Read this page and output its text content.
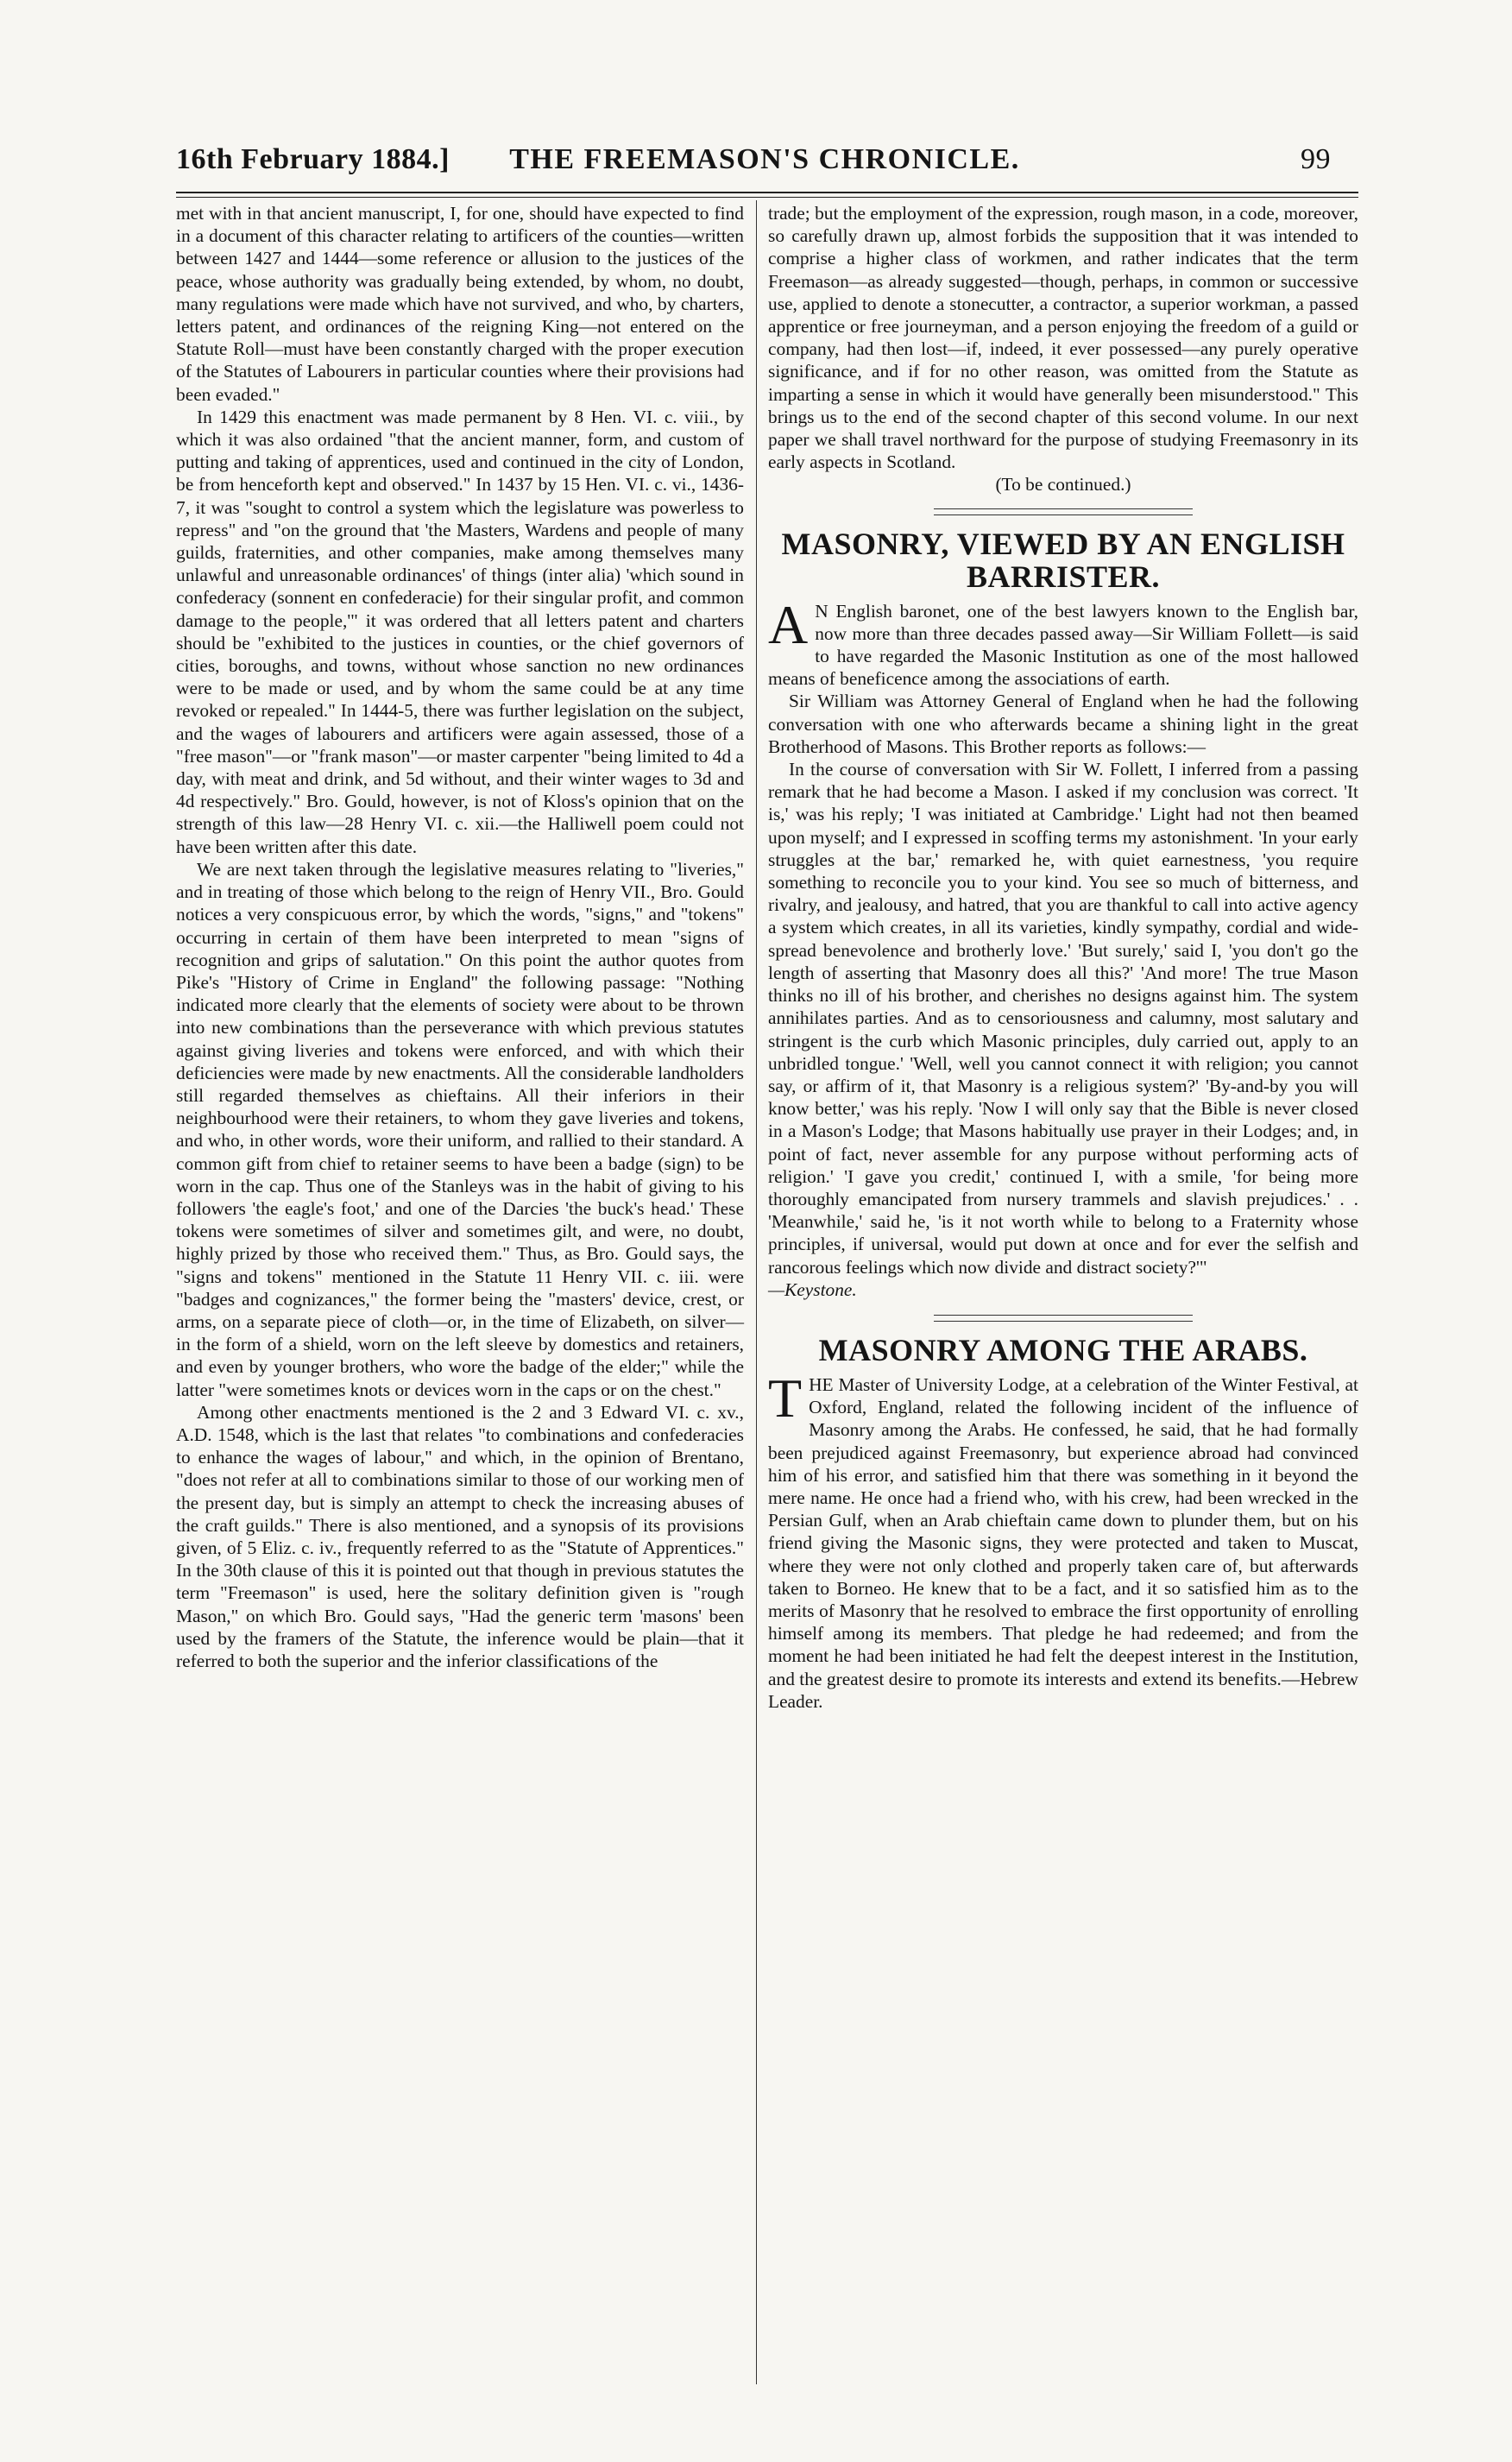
16th February 1884.]	THE FREEMASON'S CHRONICLE.	99

met with in that ancient manuscript, I, for one, should have expected to find in a document of this character relating to artificers of the counties—written between 1427 and 1444—some reference or allusion to the justices of the peace, whose authority was gradually being extended, by whom, no doubt, many regulations were made which have not survived, and who, by charters, letters patent, and ordinances of the reigning King—not entered on the Statute Roll—must have been constantly charged with the proper execution of the Statutes of Labourers in particular counties where their provisions had been evaded."

In 1429 this enactment was made permanent by 8 Hen. VI. c. viii., by which it was also ordained "that the ancient manner, form, and custom of putting and taking of apprentices, used and continued in the city of London, be from henceforth kept and observed." In 1437 by 15 Hen. VI. c. vi., 1436-7, it was "sought to control a system which the legislature was powerless to repress" and "on the ground that 'the Masters, Wardens and people of many guilds, fraternities, and other companies, make among themselves many unlawful and unreasonable ordinances' of things (inter alia) 'which sound in confederacy (sonnent en confederacie) for their singular profit, and common damage to the people,'" it was ordered that all letters patent and charters should be "exhibited to the justices in counties, or the chief governors of cities, boroughs, and towns, without whose sanction no new ordinances were to be made or used, and by whom the same could be at any time revoked or repealed." In 1444-5, there was further legislation on the subject, and the wages of labourers and artificers were again assessed, those of a "free mason"—or "frank mason"—or master carpenter "being limited to 4d a day, with meat and drink, and 5d without, and their winter wages to 3d and 4d respectively." Bro. Gould, however, is not of Kloss's opinion that on the strength of this law—28 Henry VI. c. xii.—the Halliwell poem could not have been written after this date.

We are next taken through the legislative measures relating to "liveries," and in treating of those which belong to the reign of Henry VII., Bro. Gould notices a very conspicuous error, by which the words, "signs," and "tokens" occurring in certain of them have been interpreted to mean "signs of recognition and grips of salutation." On this point the author quotes from Pike's "History of Crime in England" the following passage: "Nothing indicated more clearly that the elements of society were about to be thrown into new combinations than the perseverance with which previous statutes against giving liveries and tokens were enforced, and with which their deficiencies were made by new enactments. All the considerable landholders still regarded themselves as chieftains. All their inferiors in their neighbourhood were their retainers, to whom they gave liveries and tokens, and who, in other words, wore their uniform, and rallied to their standard. A common gift from chief to retainer seems to have been a badge (sign) to be worn in the cap. Thus one of the Stanleys was in the habit of giving to his followers 'the eagle's foot,' and one of the Darcies 'the buck's head.' These tokens were sometimes of silver and sometimes gilt, and were, no doubt, highly prized by those who received them." Thus, as Bro. Gould says, the "signs and tokens" mentioned in the Statute 11 Henry VII. c. iii. were "badges and cognizances," the former being the "masters' device, crest, or arms, on a separate piece of cloth—or, in the time of Elizabeth, on silver—in the form of a shield, worn on the left sleeve by domestics and retainers, and even by younger brothers, who wore the badge of the elder;" while the latter "were sometimes knots or devices worn in the caps or on the chest."

Among other enactments mentioned is the 2 and 3 Edward VI. c. xv., A.D. 1548, which is the last that relates "to combinations and confederacies to enhance the wages of labour," and which, in the opinion of Brentano, "does not refer at all to combinations similar to those of our working men of the present day, but is simply an attempt to check the increasing abuses of the craft guilds." There is also mentioned, and a synopsis of its provisions given, of 5 Eliz. c. iv., frequently referred to as the "Statute of Apprentices." In the 30th clause of this it is pointed out that though in previous statutes the term "Freemason" is used, here the solitary definition given is "rough Mason," on which Bro. Gould says, "Had the generic term 'masons' been used by the framers of the Statute, the inference would be plain—that it referred to both the superior and the inferior classifications of the

trade; but the employment of the expression, rough mason, in a code, moreover, so carefully drawn up, almost forbids the supposition that it was intended to comprise a higher class of workmen, and rather indicates that the term Freemason—as already suggested—though, perhaps, in common or successive use, applied to denote a stonecutter, a contractor, a superior workman, a passed apprentice or free journeyman, and a person enjoying the freedom of a guild or company, had then lost—if, indeed, it ever possessed—any purely operative significance, and if for no other reason, was omitted from the Statute as imparting a sense in which it would have generally been misunderstood." This brings us to the end of the second chapter of this second volume. In our next paper we shall travel northward for the purpose of studying Freemasonry in its early aspects in Scotland.

(To be continued.)

MASONRY, VIEWED BY AN ENGLISH BARRISTER.

A N English baronet, one of the best lawyers known to the English bar, now more than three decades passed away—Sir William Follett—is said to have regarded the Masonic Institution as one of the most hallowed means of beneficence among the associations of earth.

Sir William was Attorney General of England when he had the following conversation with one who afterwards became a shining light in the great Brotherhood of Masons. This Brother reports as follows:—

In the course of conversation with Sir W. Follett, I inferred from a passing remark that he had become a Mason. I asked if my conclusion was correct. 'It is,' was his reply; 'I was initiated at Cambridge.' Light had not then beamed upon myself; and I expressed in scoffing terms my astonishment. 'In your early struggles at the bar,' remarked he, with quiet earnestness, 'you require something to reconcile you to your kind. You see so much of bitterness, and rivalry, and jealousy, and hatred, that you are thankful to call into active agency a system which creates, in all its varieties, kindly sympathy, cordial and wide-spread benevolence and brotherly love.' 'But surely,' said I, 'you don't go the length of asserting that Masonry does all this?' 'And more! The true Mason thinks no ill of his brother, and cherishes no designs against him. The system annihilates parties. And as to censoriousness and calumny, most salutary and stringent is the curb which Masonic principles, duly carried out, apply to an unbridled tongue.' 'Well, well you cannot connect it with religion; you cannot say, or affirm of it, that Masonry is a religious system?' 'By-and-by you will know better,' was his reply. 'Now I will only say that the Bible is never closed in a Mason's Lodge; that Masons habitually use prayer in their Lodges; and, in point of fact, never assemble for any purpose without performing acts of religion.' 'I gave you credit,' continued I, with a smile, 'for being more thoroughly emancipated from nursery trammels and slavish prejudices.' . . 'Meanwhile,' said he, 'is it not worth while to belong to a Fraternity whose principles, if universal, would put down at once and for ever the selfish and rancorous feelings which now divide and distract society?'"

—Keystone.

MASONRY AMONG THE ARABS.

THE Master of University Lodge, at a celebration of the Winter Festival, at Oxford, England, related the following incident of the influence of Masonry among the Arabs. He confessed, he said, that he had formally been prejudiced against Freemasonry, but experience abroad had convinced him of his error, and satisfied him that there was something in it beyond the mere name. He once had a friend who, with his crew, had been wrecked in the Persian Gulf, when an Arab chieftain came down to plunder them, but on his friend giving the Masonic signs, they were protected and taken to Muscat, where they were not only clothed and properly taken care of, but afterwards taken to Borneo. He knew that to be a fact, and it so satisfied him as to the merits of Masonry that he resolved to embrace the first opportunity of enrolling himself among its members. That pledge he had redeemed; and from the moment he had been initiated he had felt the deepest interest in the Institution, and the greatest desire to promote its interests and extend its benefits.—Hebrew Leader.
